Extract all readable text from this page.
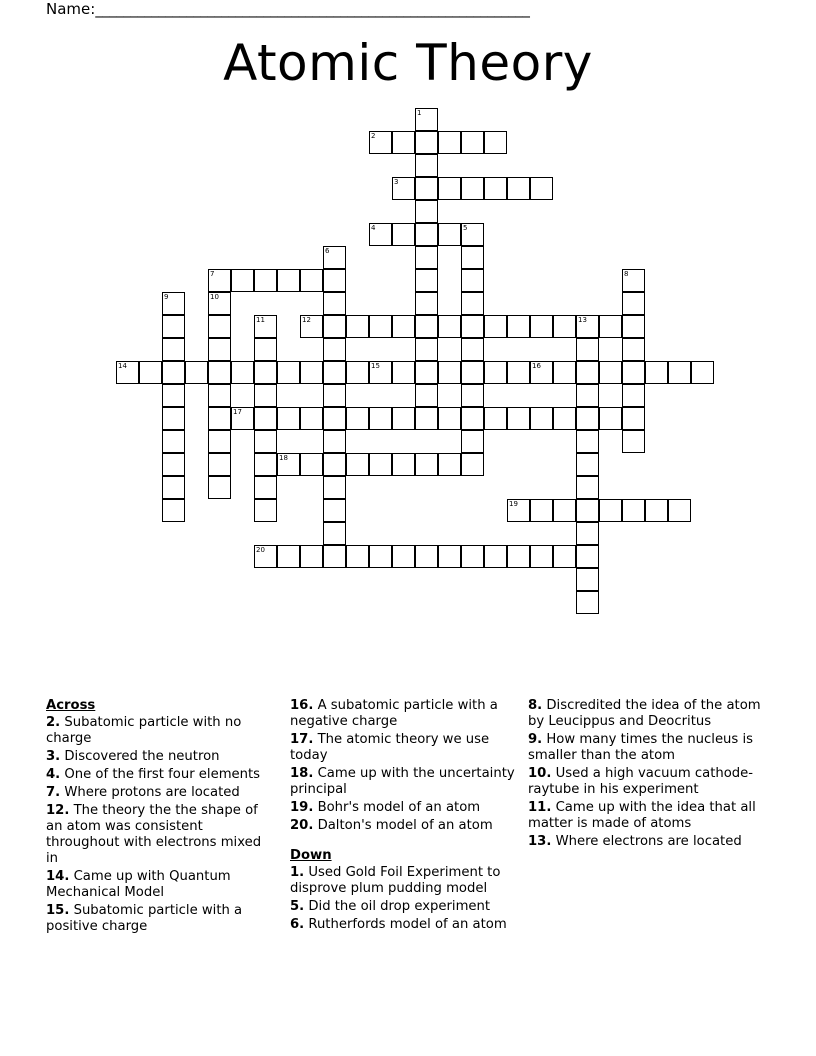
Name:______________________________________________________________
Atomic Theory
1
2
3
4	5
6
7	8
9	10
11	12	13
14	15	16
17
18
19
20
Across
2. Subatomic particle with no charge
3. Discovered the neutron
4. One of the first four elements
7. Where protons are located
12. The theory the the shape of an atom was consistent throughout with electrons mixed in
14. Came up with Quantum Mechanical Model
15. Subatomic particle with a positive charge
16. A subatomic particle with a negative charge
17. The atomic theory we use today
18. Came up with the uncertainty principal
19. Bohr's model of an atom
20. Dalton's model of an atom
Down
1. Used Gold Foil Experiment to disprove plum pudding model
5. Did the oil drop experiment
6. Rutherfords model of an atom
8. Discredited the idea of the atom by Leucippus and Deocritus
9. How many times the nucleus is smaller than the atom
10. Used a high vacuum cathode-raytube in his experiment
11. Came up with the idea that all matter is made of atoms
13. Where electrons are located
